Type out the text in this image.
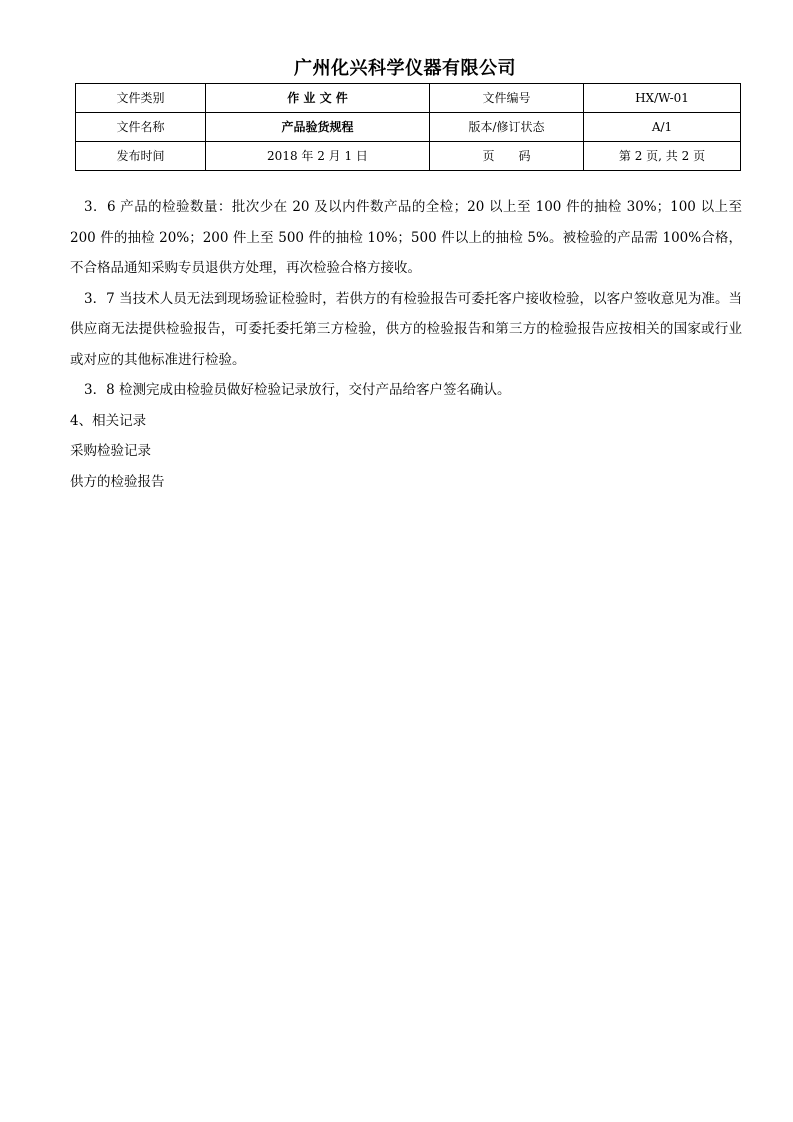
广州化兴科学仪器有限公司
文件类别	作 业 文 件	文件编号	HX/W-01
文件名称	产品验货规程	版本/修订状态	A/1
发布时间	2018 年 2 月 1 日	页　　码	第 2 页, 共 2 页

3．6 产品的检验数量：批次少在 20 及以内件数产品的全检；20 以上至 100 件的抽检 30%；100 以上至 200 件的抽检 20%；200 件上至 500 件的抽检 10%；500 件以上的抽检 5%。被检验的产品需 100%合格，不合格品通知采购专员退供方处理，再次检验合格方接收。

3．7 当技术人员无法到现场验证检验时，若供方的有检验报告可委托客户接收检验，以客户签收意见为准。当供应商无法提供检验报告，可委托委托第三方检验，供方的检验报告和第三方的检验报告应按相关的国家或行业或对应的其他标准进行检验。

3．8 检测完成由检验员做好检验记录放行，交付产品给客户签名确认。

4、相关记录

采购检验记录

供方的检验报告
